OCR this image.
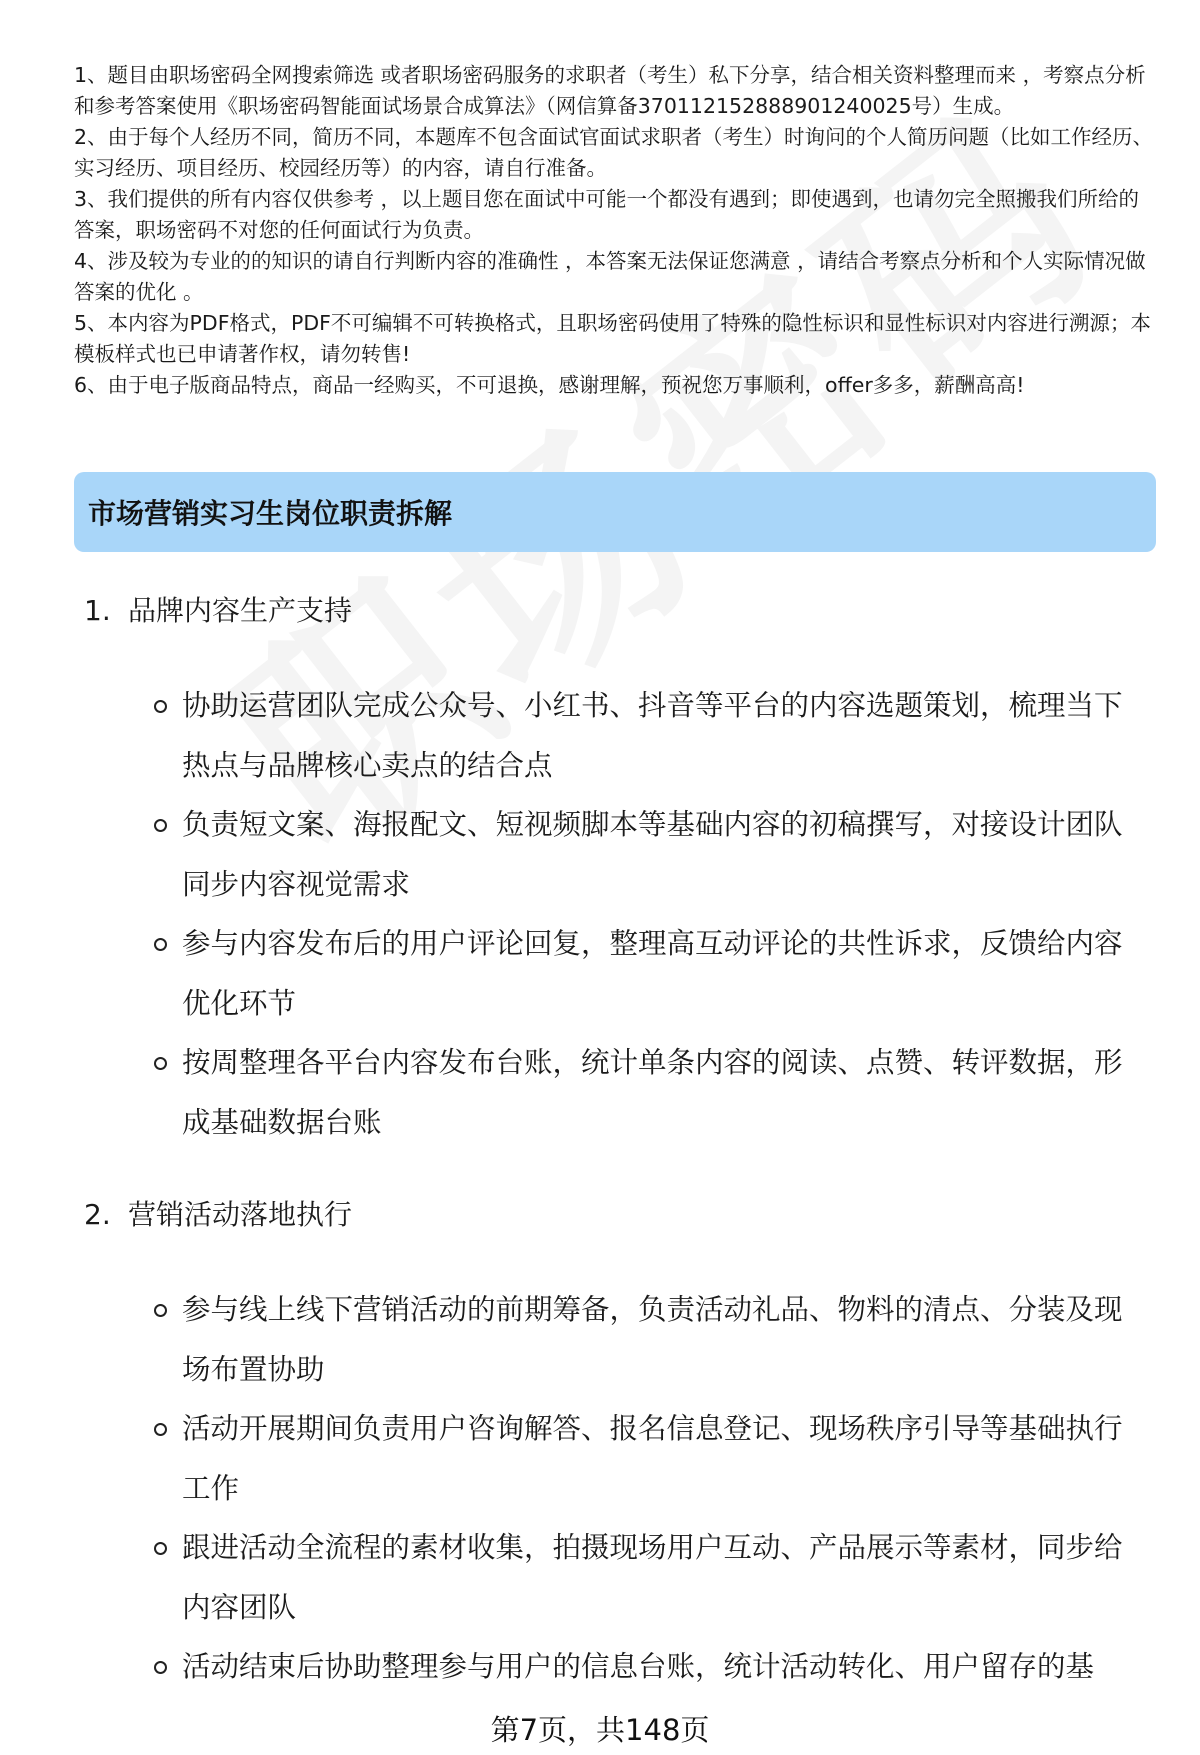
1、题目由职场密码全网搜索筛选 或者职场密码服务的求职者（考生）私下分享，结合相关资料整理而来 ，考察点分析和参考答案使用《职场密码智能面试场景合成算法》（网信算备370112152888901240025号）生成。

2、由于每个人经历不同，简历不同，本题库不包含面试官面试求职者（考生）时询问的个人简历问题（比如工作经历、实习经历、项目经历、校园经历等）的内容，请自行准备。

3、我们提供的所有内容仅供参考 ，以上题目您在面试中可能一个都没有遇到；即使遇到，也请勿完全照搬我们所给的答案，职场密码不对您的任何面试行为负责。

4、涉及较为专业的的知识的请自行判断内容的准确性 ，本答案无法保证您满意 ，请结合考察点分析和个人实际情况做答案的优化 。

5、本内容为PDF格式，PDF不可编辑不可转换格式，且职场密码使用了特殊的隐性标识和显性标识对内容进行溯源；本模板样式也已申请著作权，请勿转售!

6、由于电子版商品特点，商品一经购买，不可退换，感谢理解，预祝您万事顺利，offer多多，薪酬高高!

市场营销实习生岗位职责拆解
1. 品牌内容生产支持
协助运营团队完成公众号、小红书、抖音等平台的内容选题策划，梳理当下热点与品牌核心卖点的结合点
负责短文案、海报配文、短视频脚本等基础内容的初稿撰写，对接设计团队同步内容视觉需求
参与内容发布后的用户评论回复，整理高互动评论的共性诉求，反馈给内容优化环节
按周整理各平台内容发布台账，统计单条内容的阅读、点赞、转评数据，形成基础数据台账
2. 营销活动落地执行
参与线上线下营销活动的前期筹备，负责活动礼品、物料的清点、分装及现场布置协助
活动开展期间负责用户咨询解答、报名信息登记、现场秩序引导等基础执行工作
跟进活动全流程的素材收集，拍摄现场用户互动、产品展示等素材，同步给内容团队
活动结束后协助整理参与用户的信息台账，统计活动转化、用户留存的基
第7页，共148页
